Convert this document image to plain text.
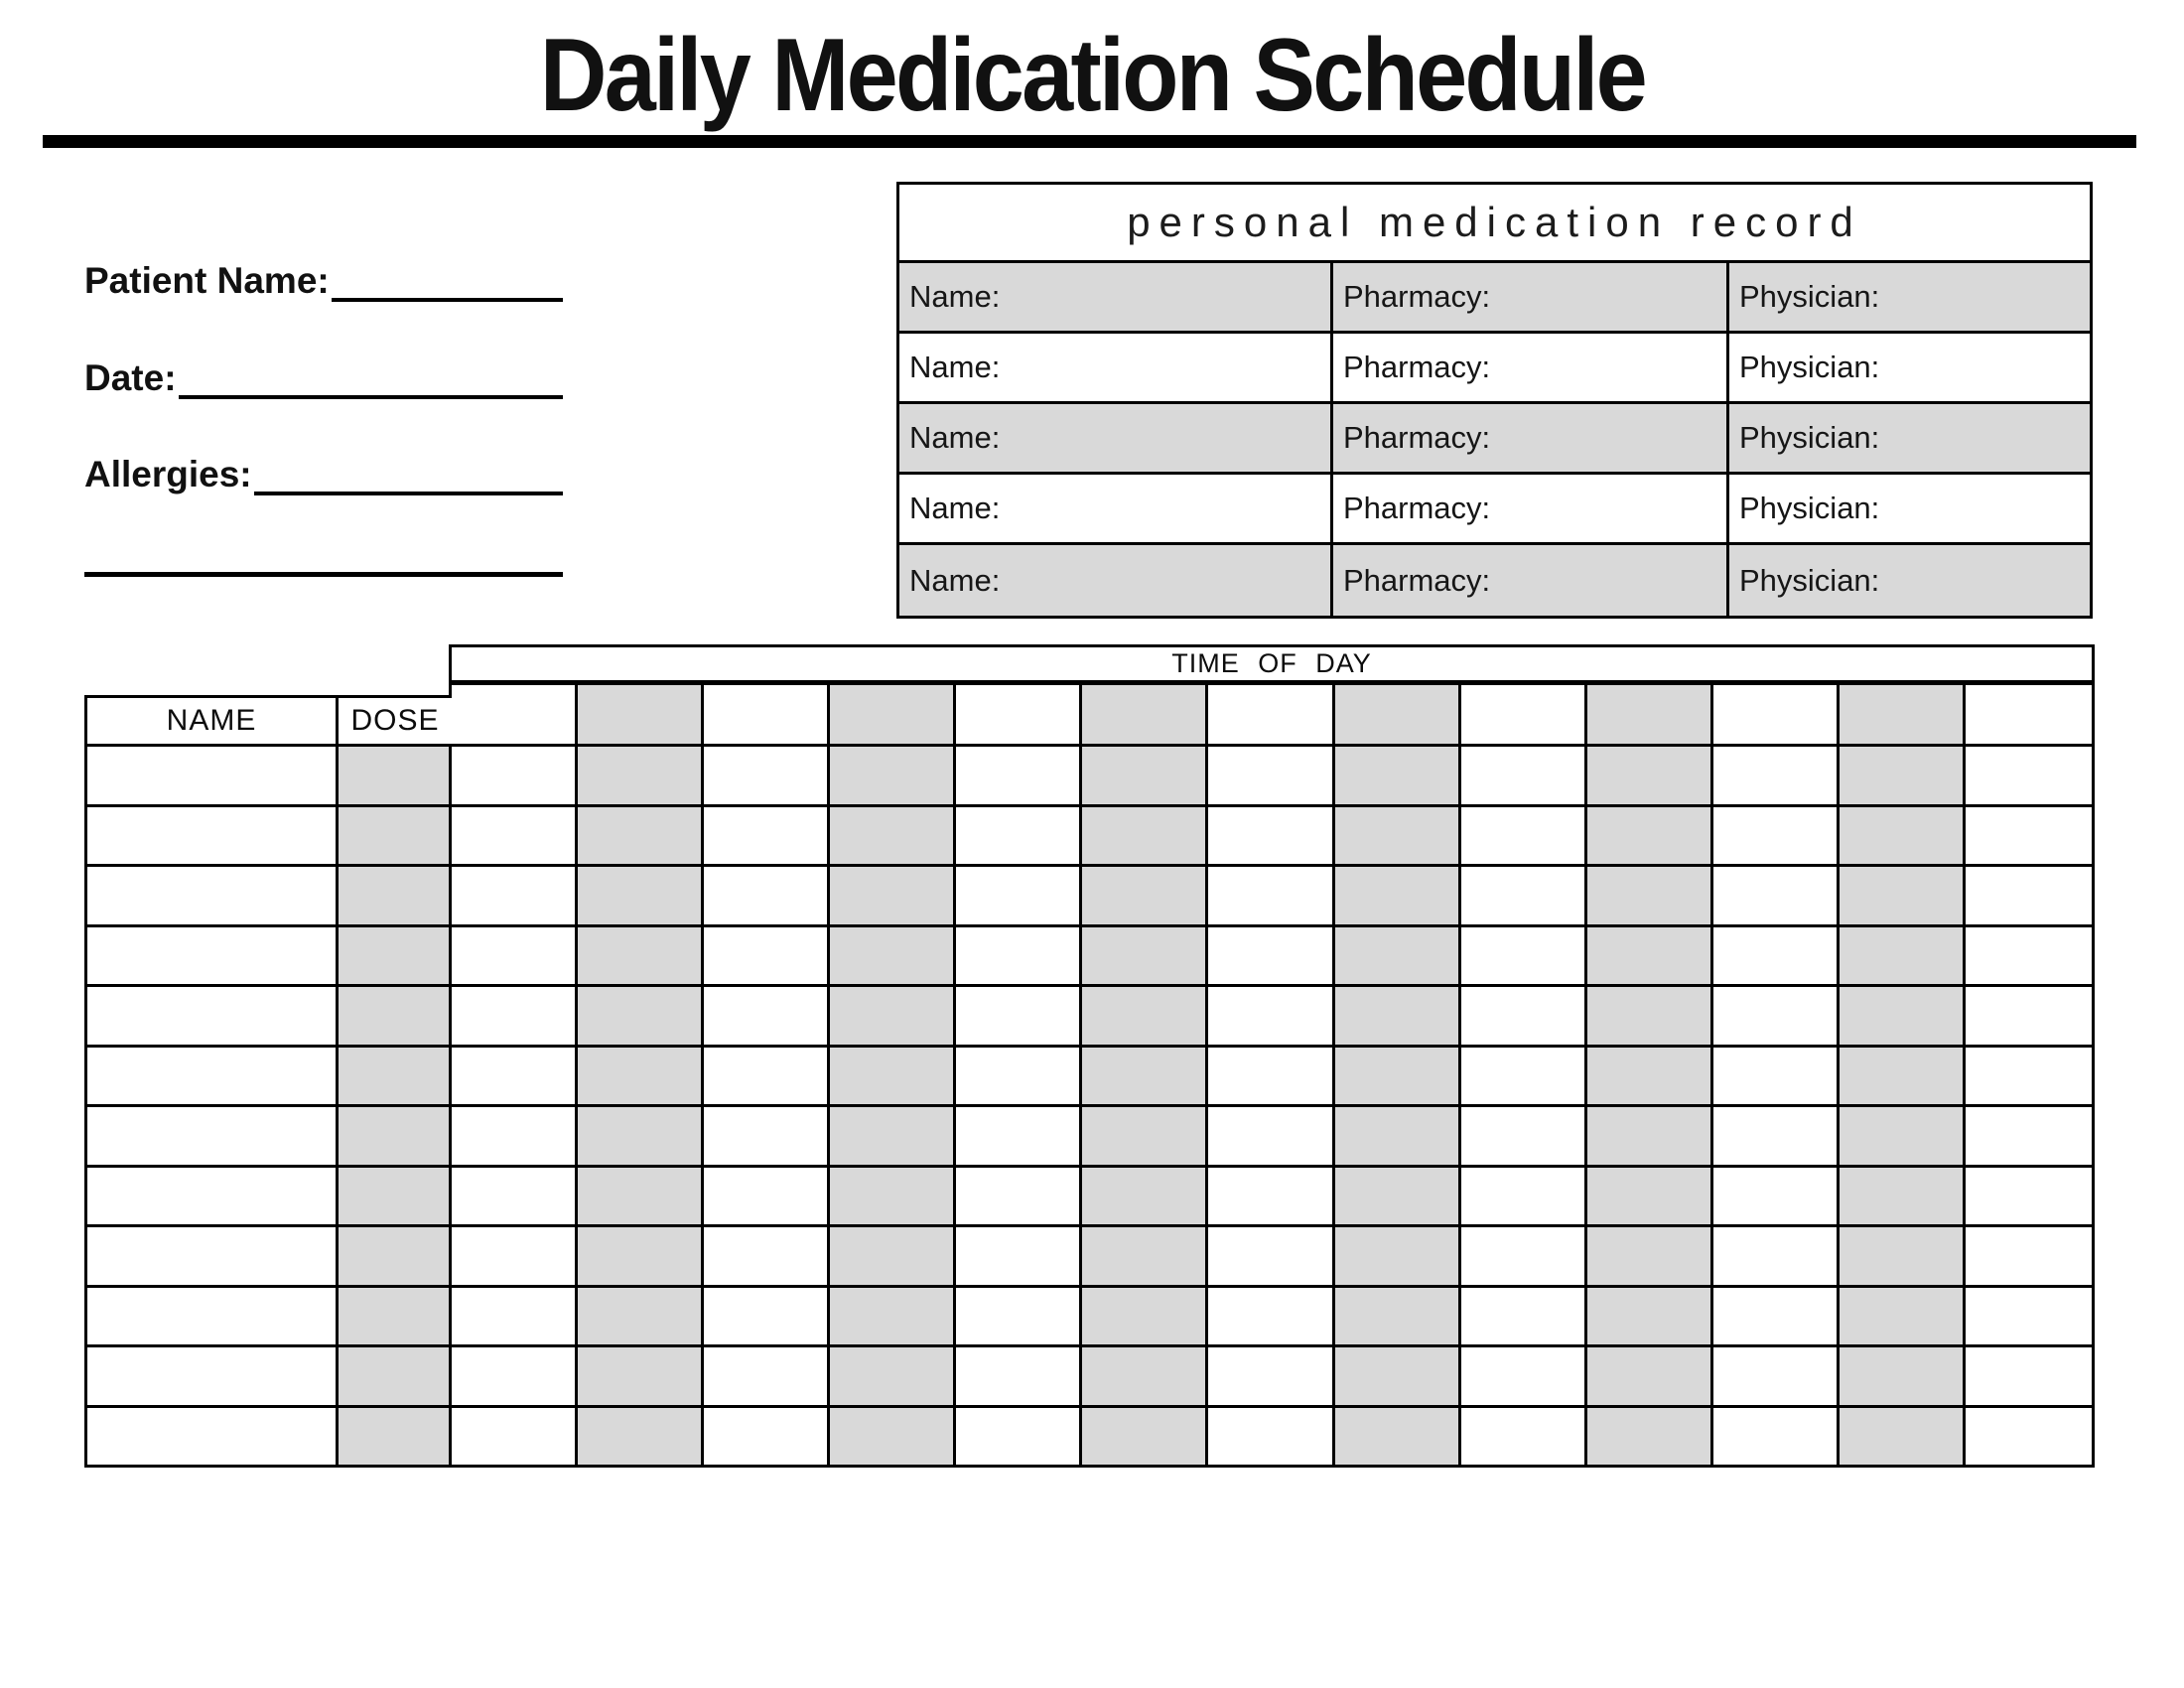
Daily Medication Schedule
Patient Name:
Date:
Allergies:
personal medication record
Name:	Pharmacy:	Physician:
Name:	Pharmacy:	Physician:
Name:	Pharmacy:	Physician:
Name:	Pharmacy:	Physician:
Name:	Pharmacy:	Physician:
TIME OF DAY
NAME	DOSE
